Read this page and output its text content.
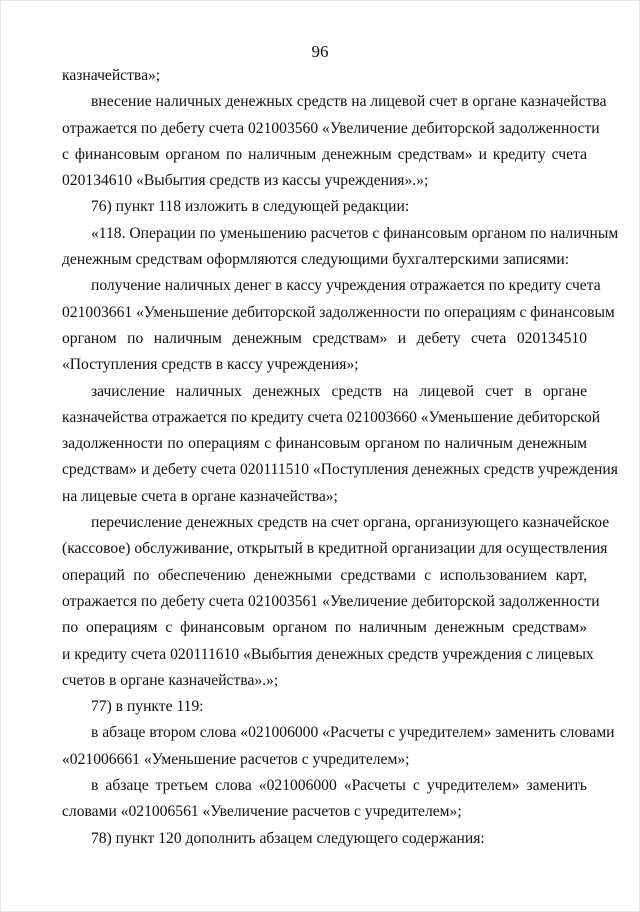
96
казначейства»;
внесение наличных денежных средств на лицевой счет в органе казначейства
отражается по дебету счета 021003560 «Увеличение дебиторской задолженности
с финансовым органом по наличным денежным средствам» и кредиту счета
020134610 «Выбытия средств из кассы учреждения».»;
76) пункт 118 изложить в следующей редакции:
«118. Операции по уменьшению расчетов с финансовым органом по наличным
денежным средствам оформляются следующими бухгалтерскими записями:
получение наличных денег в кассу учреждения отражается по кредиту счета
021003661 «Уменьшение дебиторской задолженности по операциям с финансовым
органом по наличным денежным средствам» и дебету счета 020134510
«Поступления средств в кассу учреждения»;
зачисление наличных денежных средств на лицевой счет в органе
казначейства отражается по кредиту счета 021003660 «Уменьшение дебиторской
задолженности по операциям с финансовым органом по наличным денежным
средствам» и дебету счета 020111510 «Поступления денежных средств учреждения
на лицевые счета в органе казначейства»;
перечисление денежных средств на счет органа, организующего казначейское
(кассовое) обслуживание, открытый в кредитной организации для осуществления
операций по обеспечению денежными средствами с использованием карт,
отражается по дебету счета 021003561 «Увеличение дебиторской задолженности
по операциям с финансовым органом по наличным денежным средствам»
и кредиту счета 020111610 «Выбытия денежных средств учреждения с лицевых
счетов в органе казначейства».»;
77) в пункте 119:
в абзаце втором слова «021006000 «Расчеты с учредителем» заменить словами
«021006661 «Уменьшение расчетов с учредителем»;
в абзаце третьем слова «021006000 «Расчеты с учредителем» заменить
словами «021006561 «Увеличение расчетов с учредителем»;
78) пункт 120 дополнить абзацем следующего содержания:
